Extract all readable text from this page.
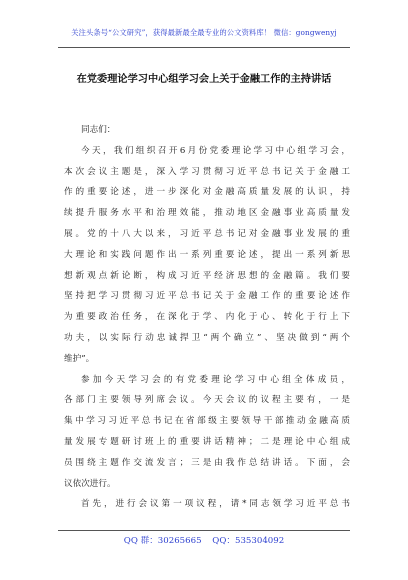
关注头条号“公文研究”，获得最新最全最专业的公文资料库！ 微信：gongwenyj
在党委理论学习中心组学习会上关于金融工作的主持讲话

同志们：

今天，我们组织召开6月份党委理论学习中心组学习会，
本次会议主题是，深入学习贯彻习近平总书记关于金融工
作的重要论述，进一步深化对金融高质量发展的认识，持
续提升服务水平和治理效能，推动地区金融事业高质量发
展。党的十八大以来，习近平总书记对金融事业发展的重
大理论和实践问题作出一系列重要论述，提出一系列新思
想新观点新论断，构成习近平经济思想的金融篇。我们要
坚持把学习贯彻习近平总书记关于金融工作的重要论述作
为重要政治任务，在深化于学、内化于心、转化于行上下
功夫，以实际行动忠诚捍卫“两个确立”、坚决做到“两个
维护”。

参加今天学习会的有党委理论学习中心组全体成员，
各部门主要领导列席会议。今天会议的议程主要有，一是
集中学习习近平总书记在省部级主要领导干部推动金融高质
量发展专题研讨班上的重要讲话精神；二是理论中心组成
员围绕主题作交流发言；三是由我作总结讲话。下面，会
议依次进行。

首先，进行会议第一项议程，请*同志领学习近平总书

QQ 群：30265665 QQ：535304092
